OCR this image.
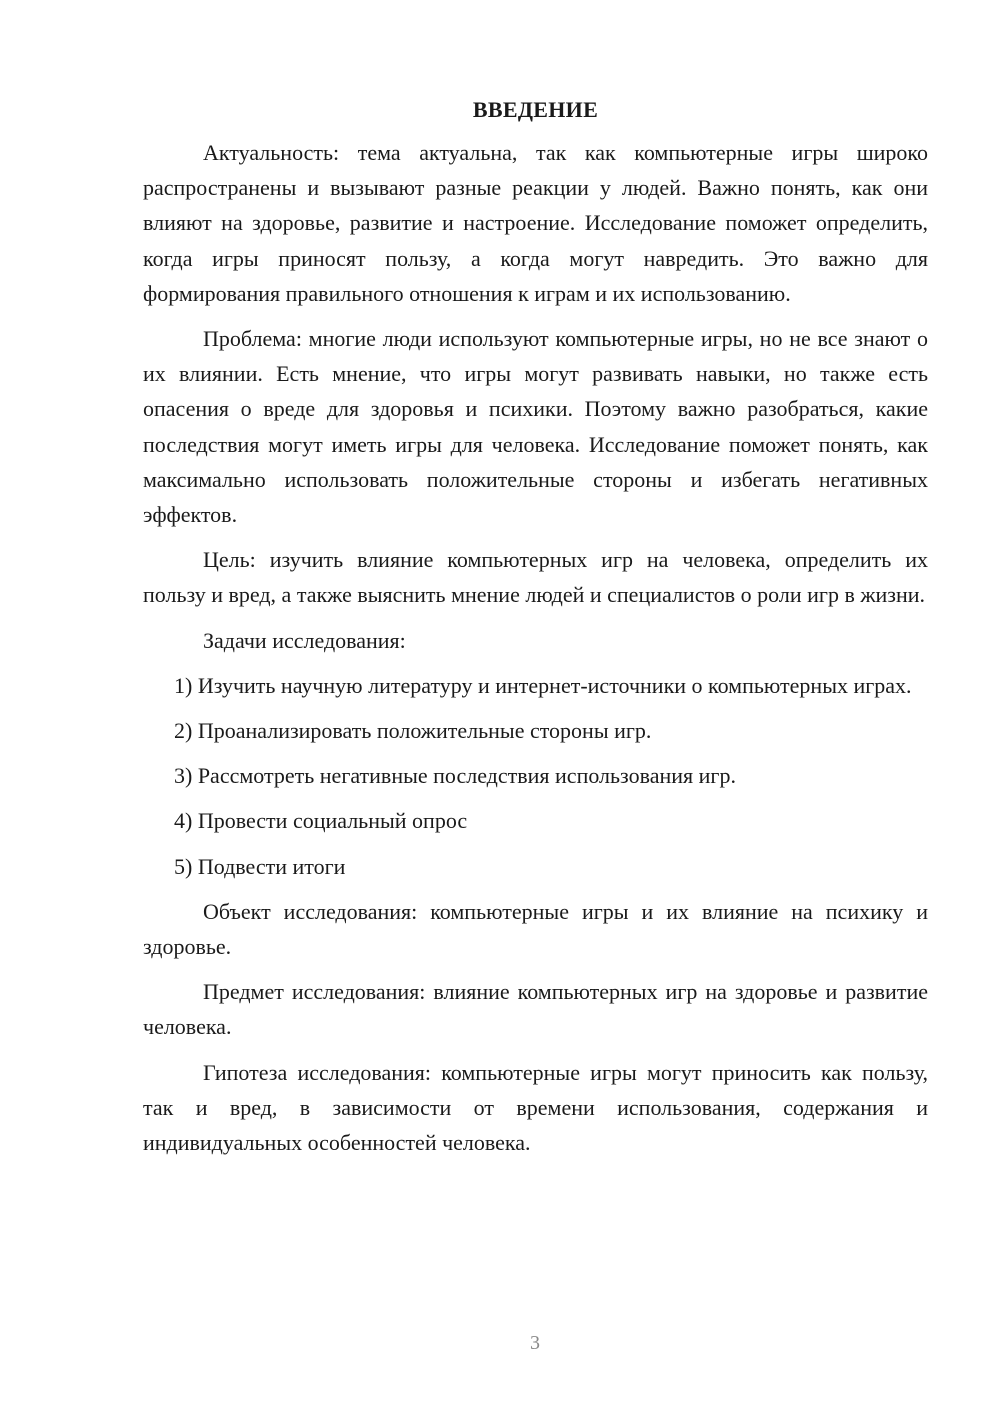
ВВЕДЕНИЕ

Актуальность: тема актуальна, так как компьютерные игры широко распространены и вызывают разные реакции у людей. Важно понять, как они влияют на здоровье, развитие и настроение. Исследование поможет определить, когда игры приносят пользу, а когда могут навредить. Это важно для формирования правильного отношения к играм и их использованию.

Проблема: многие люди используют компьютерные игры, но не все знают о их влиянии. Есть мнение, что игры могут развивать навыки, но также есть опасения о вреде для здоровья и психики. Поэтому важно разобраться, какие последствия могут иметь игры для человека. Исследование поможет понять, как максимально использовать положительные стороны и избегать негативных эффектов.

Цель: изучить влияние компьютерных игр на человека, определить их пользу и вред, а также выяснить мнение людей и специалистов о роли игр в жизни.

Задачи исследования:

1) Изучить научную литературу и интернет-источники о компьютерных играх.

2) Проанализировать положительные стороны игр.

3) Рассмотреть негативные последствия использования игр.

4) Провести социальный опрос

5) Подвести итоги

Объект исследования: компьютерные игры и их влияние на психику и здоровье.

Предмет исследования: влияние компьютерных игр на здоровье и развитие человека.

Гипотеза исследования: компьютерные игры могут приносить как пользу, так и вред, в зависимости от времени использования, содержания и индивидуальных особенностей человека.

3
